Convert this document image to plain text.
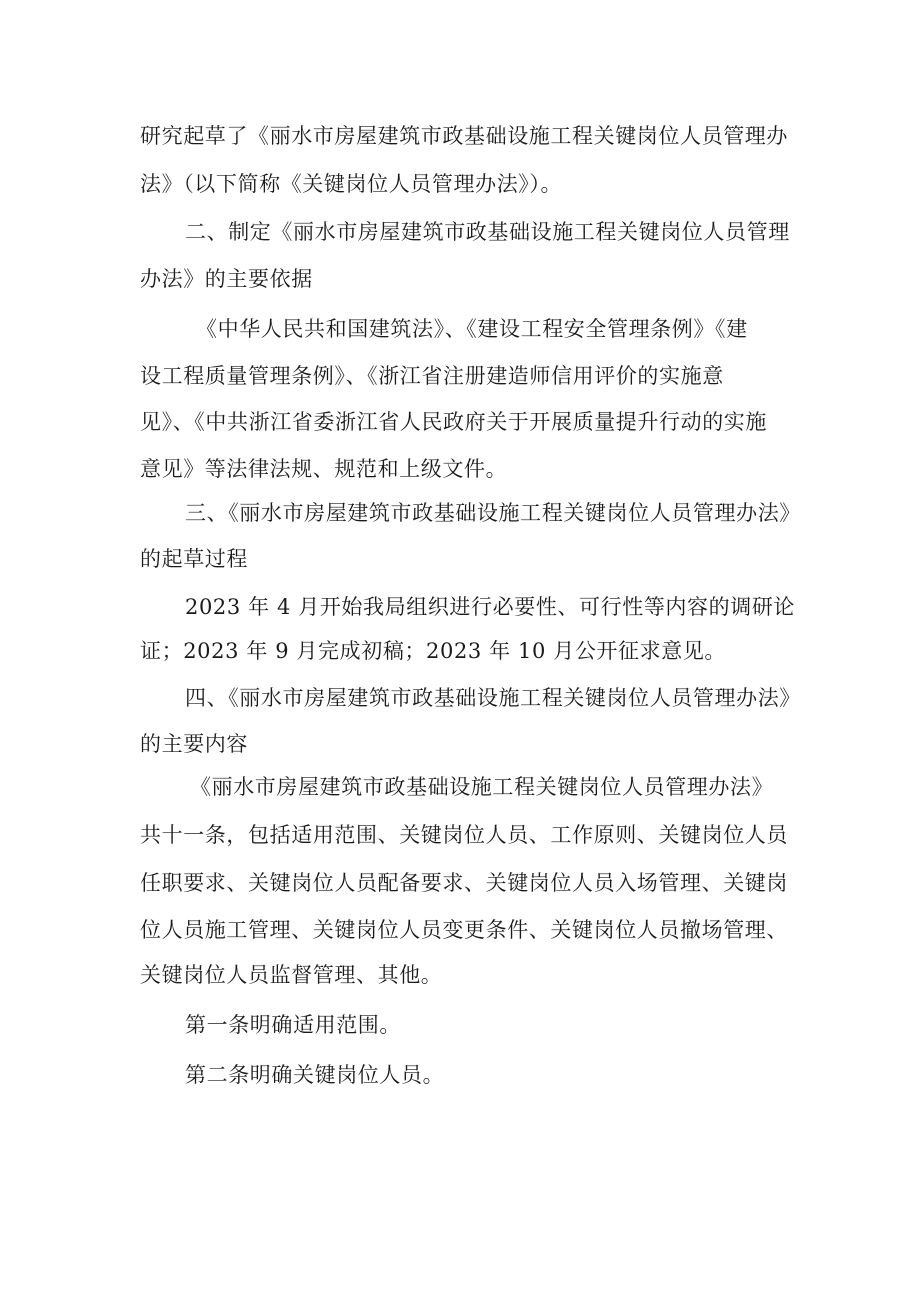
研究起草了《丽水市房屋建筑市政基础设施工程关键岗位人员管理办
法》（以下简称《关键岗位人员管理办法》）。
二、制定《丽水市房屋建筑市政基础设施工程关键岗位人员管理
办法》的主要依据
《中华人民共和国建筑法》、《建设工程安全管理条例》《建
设工程质量管理条例》、《浙江省注册建造师信用评价的实施意
见》、《中共浙江省委浙江省人民政府关于开展质量提升行动的实施
意见》等法律法规、规范和上级文件。
三、《丽水市房屋建筑市政基础设施工程关键岗位人员管理办法》
的起草过程
2023 年 4 月开始我局组织进行必要性、可行性等内容的调研论
证；2023 年 9 月完成初稿；2023 年 10 月公开征求意见。
四、《丽水市房屋建筑市政基础设施工程关键岗位人员管理办法》
的主要内容
《丽水市房屋建筑市政基础设施工程关键岗位人员管理办法》
共十一条，包括适用范围、关键岗位人员、工作原则、关键岗位人员
任职要求、关键岗位人员配备要求、关键岗位人员入场管理、关键岗
位人员施工管理、关键岗位人员变更条件、关键岗位人员撤场管理、
关键岗位人员监督管理、其他。
第一条明确适用范围。
第二条明确关键岗位人员。
